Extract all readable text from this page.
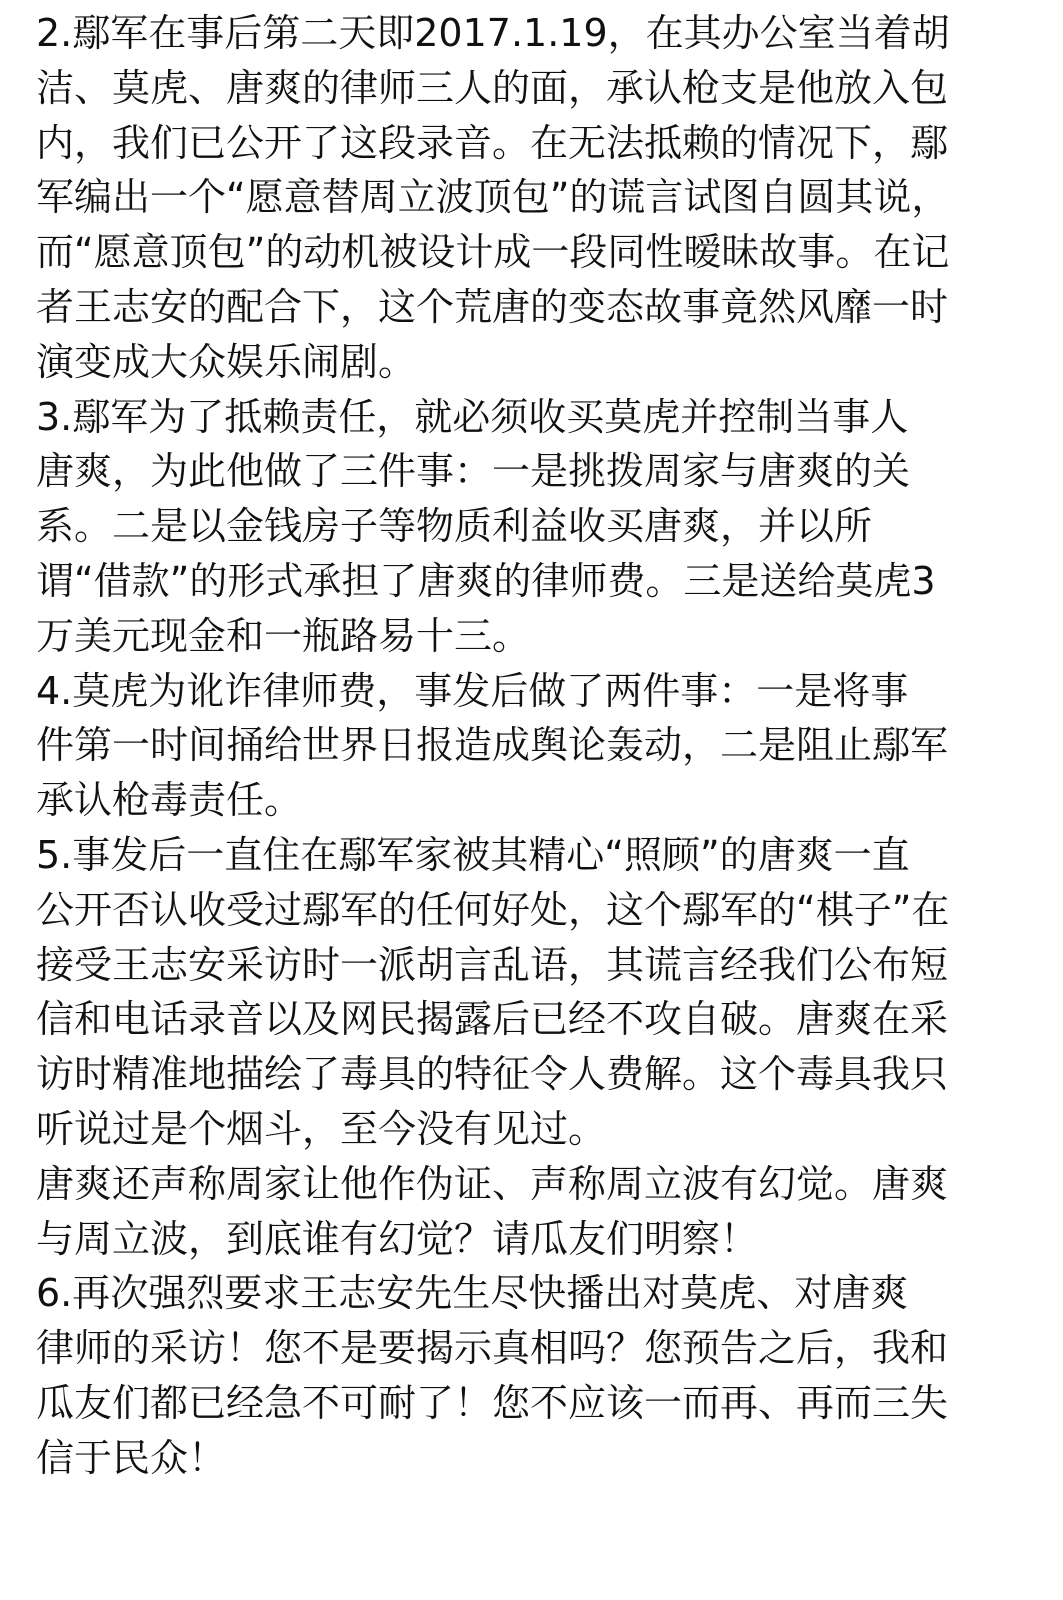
2.鄢军在事后第二天即2017.1.19，在其办公室当着胡
洁、莫虎、唐爽的律师三人的面，承认枪支是他放入包
内，我们已公开了这段录音。在无法抵赖的情况下，鄢
军编出一个“愿意替周立波顶包”的谎言试图自圆其说，
而“愿意顶包”的动机被设计成一段同性暧昧故事。在记
者王志安的配合下，这个荒唐的变态故事竟然风靡一时
演变成大众娱乐闹剧。
3.鄢军为了抵赖责任，就必须收买莫虎并控制当事人
唐爽，为此他做了三件事：一是挑拨周家与唐爽的关
系。二是以金钱房子等物质利益收买唐爽，并以所
谓“借款”的形式承担了唐爽的律师费。三是送给莫虎3
万美元现金和一瓶路易十三。
4.莫虎为讹诈律师费，事发后做了两件事：一是将事
件第一时间捅给世界日报造成舆论轰动，二是阻止鄢军
承认枪毒责任。
5.事发后一直住在鄢军家被其精心“照顾”的唐爽一直
公开否认收受过鄢军的任何好处，这个鄢军的“棋子”在
接受王志安采访时一派胡言乱语，其谎言经我们公布短
信和电话录音以及网民揭露后已经不攻自破。唐爽在采
访时精准地描绘了毒具的特征令人费解。这个毒具我只
听说过是个烟斗，至今没有见过。
唐爽还声称周家让他作伪证、声称周立波有幻觉。唐爽
与周立波，到底谁有幻觉？请瓜友们明察！
6.再次强烈要求王志安先生尽快播出对莫虎、对唐爽
律师的采访！您不是要揭示真相吗？您预告之后，我和
瓜友们都已经急不可耐了！您不应该一而再、再而三失
信于民众！
